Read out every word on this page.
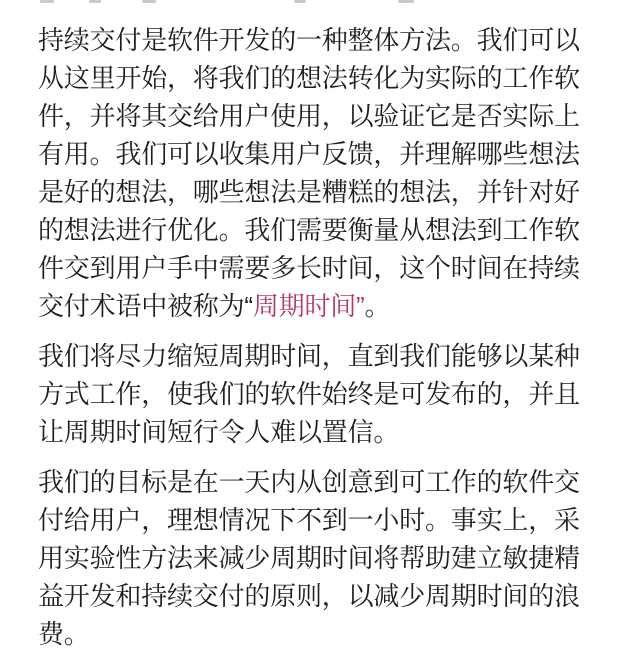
持续交付是软件开发的一种整体方法。我们可以
从这里开始，将我们的想法转化为实际的工作软
件，并将其交给用户使用，以验证它是否实际上
有用。我们可以收集用户反馈，并理解哪些想法
是好的想法，哪些想法是糟糕的想法，并针对好
的想法进行优化。我们需要衡量从想法到工作软
件交到用户手中需要多长时间，这个时间在持续
交付术语中被称为“周期时间”。
我们将尽力缩短周期时间，直到我们能够以某种
方式工作，使我们的软件始终是可发布的，并且
让周期时间短行令人难以置信。
我们的目标是在一天内从创意到可工作的软件交
付给用户，理想情况下不到一小时。事实上，采
用实验性方法来减少周期时间将帮助建立敏捷精
益开发和持续交付的原则，以减少周期时间的浪
费。
